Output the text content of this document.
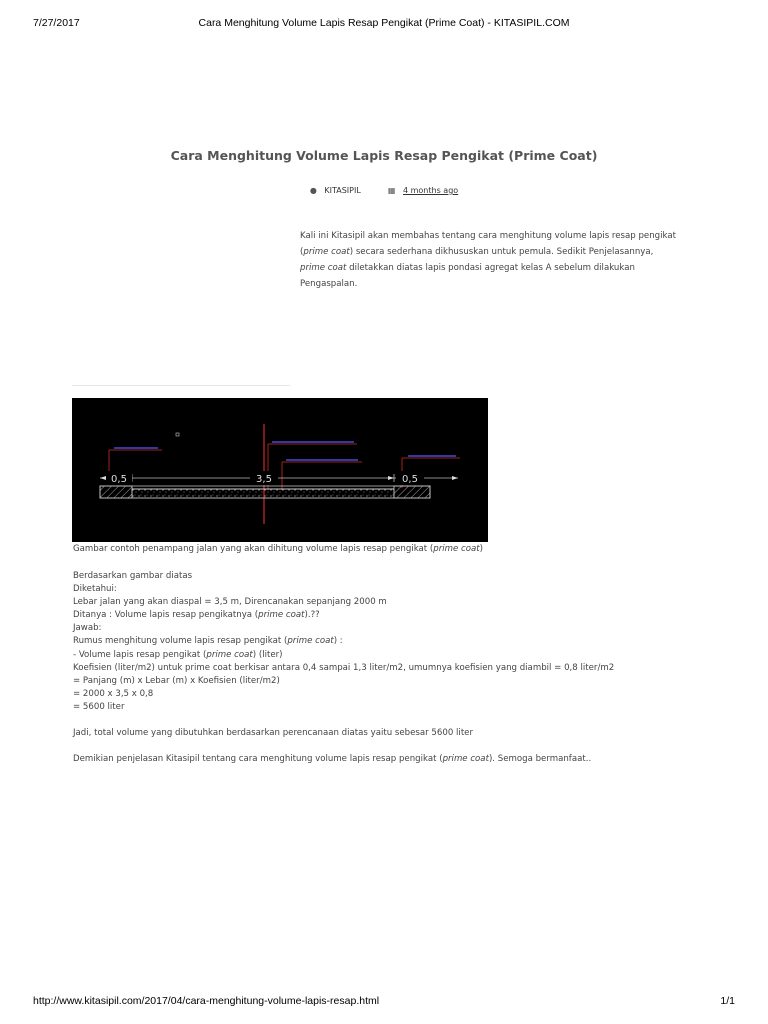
7/27/2017	Cara Menghitung Volume Lapis Resap Pengikat (Prime Coat) - KITASIPIL.COM
Cara Menghitung Volume Lapis Resap Pengikat (Prime Coat)
● KITASIPIL	▦ 4 months ago

Kali ini Kitasipil akan membahas tentang cara menghitung volume lapis resap pengikat (prime coat) secara sederhana dikhususkan untuk pemula. Sedikit Penjelasannya, prime coat diletakkan diatas lapis pondasi agregat kelas A sebelum dilakukan Pengaspalan.

0,5	3,5	0,5

Gambar contoh penampang jalan yang akan dihitung volume lapis resap pengikat (prime coat)

Berdasarkan gambar diatas
Diketahui:
Lebar jalan yang akan diaspal = 3,5 m, Direncanakan sepanjang 2000 m
Ditanya : Volume lapis resap pengikatnya (prime coat).??
Jawab:
Rumus menghitung volume lapis resap pengikat (prime coat) :
- Volume lapis resap pengikat (prime coat) (liter)
Koefisien (liter/m2) untuk prime coat berkisar antara 0,4 sampai 1,3 liter/m2, umumnya koefisien yang diambil = 0,8 liter/m2
= Panjang (m) x Lebar (m) x Koefisien (liter/m2)
= 2000 x 3,5 x 0,8
= 5600 liter
Jadi, total volume yang dibutuhkan berdasarkan perencanaan diatas yaitu sebesar 5600 liter
Demikian penjelasan Kitasipil tentang cara menghitung volume lapis resap pengikat (prime coat). Semoga bermanfaat..
http://www.kitasipil.com/2017/04/cara-menghitung-volume-lapis-resap.html	1/1
